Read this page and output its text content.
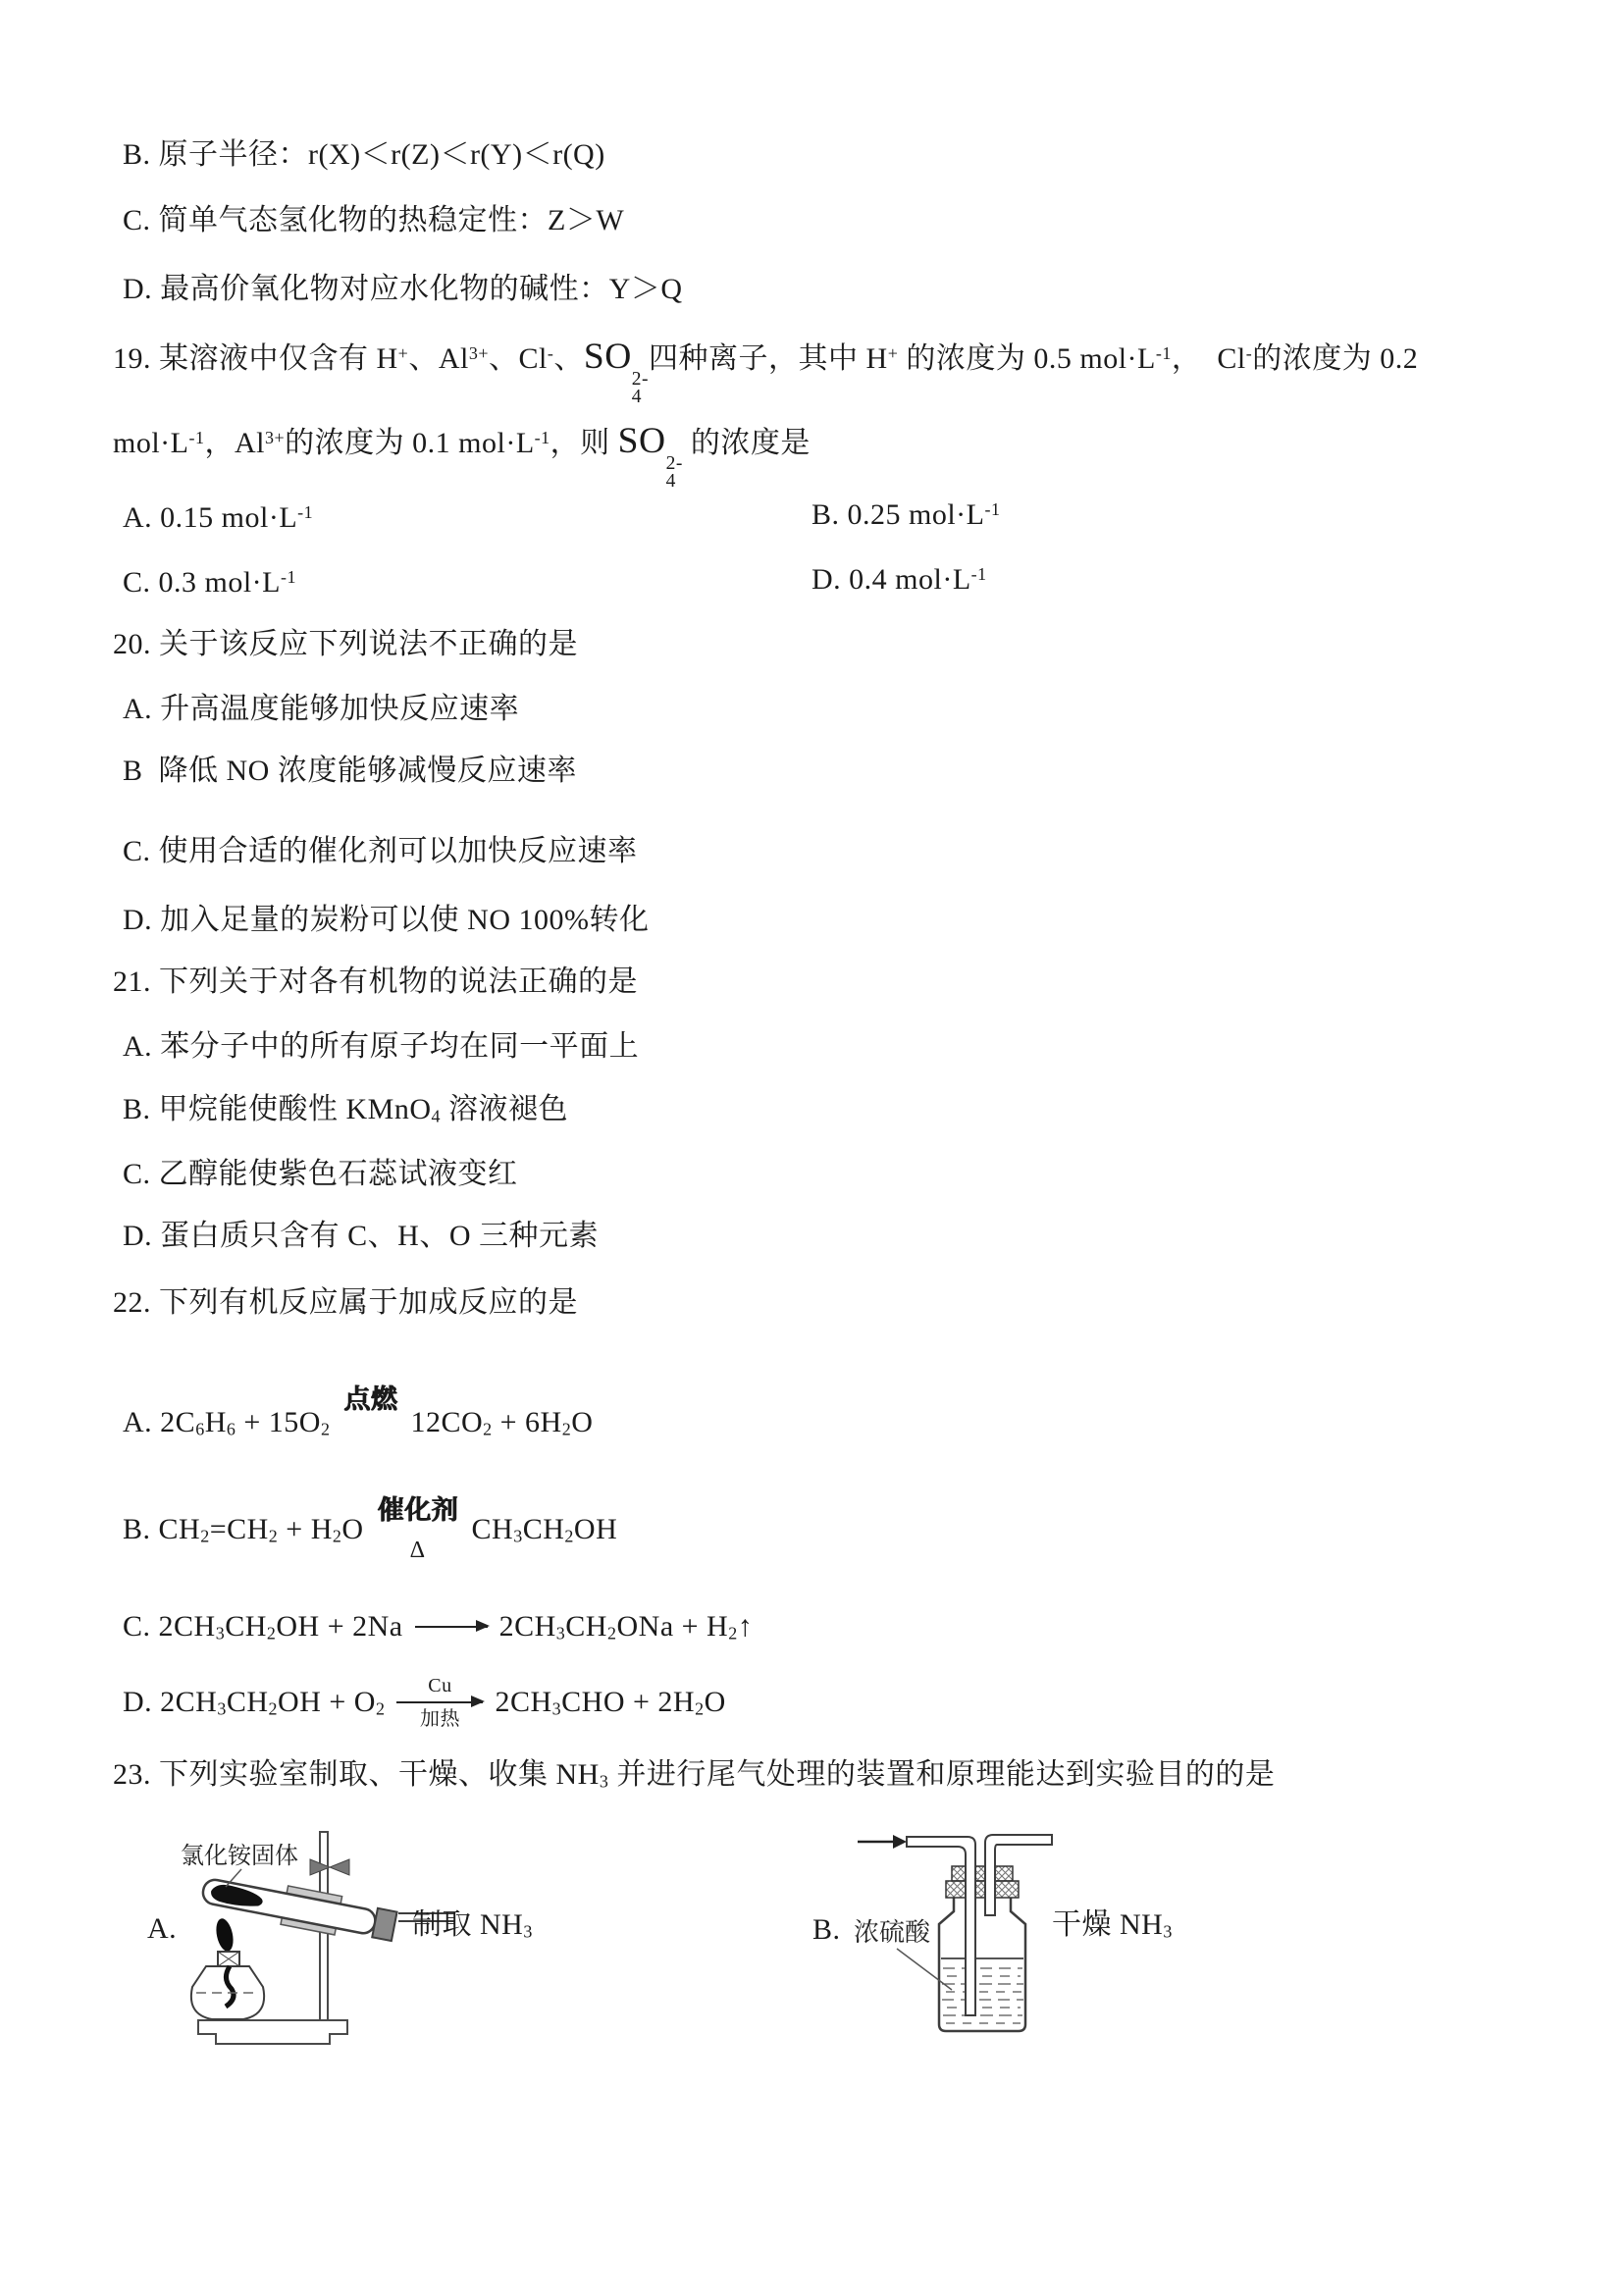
B. 原子半径：r(X)＜r(Z)＜r(Y)＜r(Q)
C. 简单气态氢化物的热稳定性：Z＞W
D. 最高价氧化物对应水化物的碱性：Y＞Q
19. 某溶液中仅含有 H+、$Al^{3+}$、Cl-、SO
2-
4
四种离子，其中 H+ 的浓度为 0.5 $mol\cdot L^{-1}$，  Cl-的浓度为 0.2
$mol\cdot L^{-1}$，$Al^{3+}$的浓度为 0.1 $mol\cdot L^{-1}$，则 SO
2-
4
的浓度是
A. 0.15 $mol\cdot L^{-1}$	B. 0.25 $mol\cdot L^{-1}$
C. 0.3 $mol\cdot L^{-1}$	D. 0.4 $mol\cdot L^{-1}$
20. 关于该反应下列说法不正确的是
A. 升高温度能够加快反应速率
B  降低 NO 浓度能够减慢反应速率
C. 使用合适的催化剂可以加快反应速率
D. 加入足量的炭粉可以使 NO 100%转化
21. 下列关于对各有机物的说法正确的是
A. 苯分子中的所有原子均在同一平面上
B. 甲烷能使酸性 KMnO$_4$ 溶液褪色
C. 乙醇能使紫色石蕊试液变红
D. 蛋白质只含有 C、H、O 三种元素
22. 下列有机反应属于加成反应的是
A. $2C_6H_6 + 15O_2$
点燃
$12CO_2 + 6H_2O$
B. $CH_2=CH_2 + H_2O$
催化剂
Δ
$CH_3CH_2OH$
C. $2CH_3CH_2OH + 2Na$	$2CH_3CH_2ONa$ + $H_2↑$
D. $2CH_3CH_2OH + O_2$
Cu
加热
$2CH_3CHO + 2H_2O$
23. 下列实验室制取、干燥、收集 $NH_3$ 并进行尾气处理的装置和原理能达到实验目的的是
氯化铵固体
A.	制取 $NH_3$	浓硫酸
B.	干燥 $NH_3$
